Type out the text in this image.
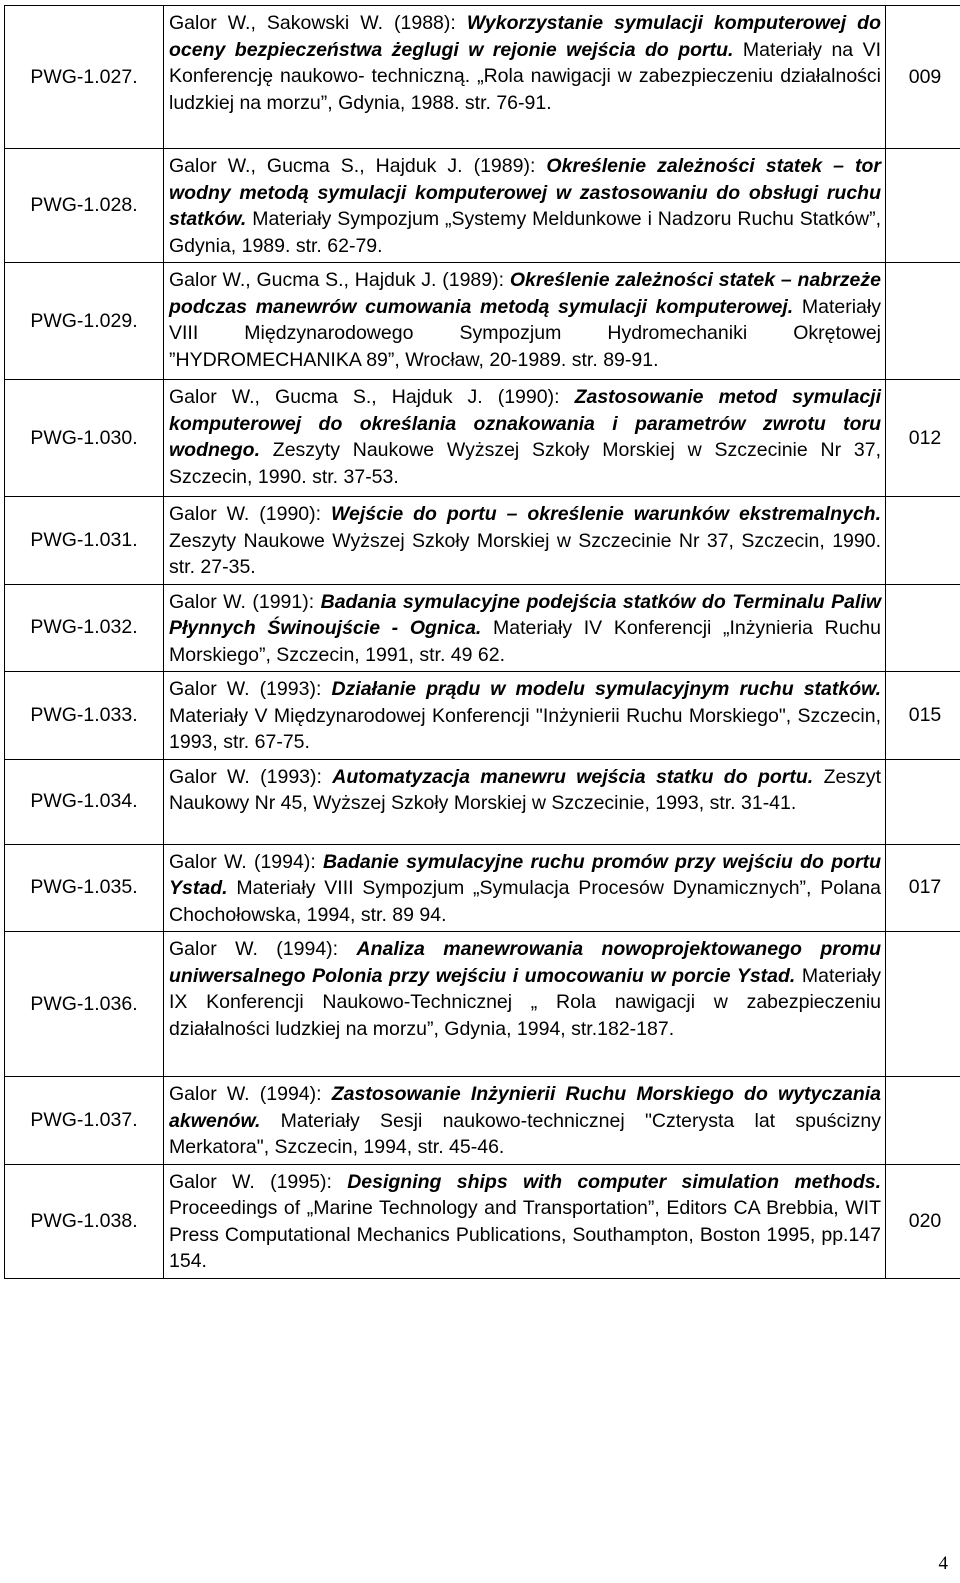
PWG-1.027.	Galor W., Sakowski W. (1988): Wykorzystanie symulacji komputerowej do oceny bezpieczeństwa żeglugi w rejonie wejścia do portu. Materiały na VI Konferencję naukowo- techniczną. „Rola nawigacji w zabezpieczeniu działalności ludzkiej na morzu”, Gdynia, 1988. str. 76-91.	009
PWG-1.028.	Galor W., Gucma S., Hajduk J. (1989): Określenie zależności statek – tor wodny metodą symulacji komputerowej w zastosowaniu do obsługi ruchu statków. Materiały Sympozjum „Systemy Meldunkowe i Nadzoru Ruchu Statków”, Gdynia, 1989. str. 62-79.	

PWG-1.029.	Galor W., Gucma S., Hajduk J. (1989): Określenie zależności statek – nabrzeże podczas manewrów cumowania metodą symulacji komputerowej. Materiały VIII Międzynarodowego Sympozjum Hydromechaniki Okrętowej ”HYDROMECHANIKA 89”, Wrocław, 20-1989. str. 89-91.	

PWG-1.030.	Galor W., Gucma S., Hajduk J. (1990): Zastosowanie metod symulacji komputerowej do określania oznakowania i parametrów zwrotu toru wodnego. Zeszyty Naukowe Wyższej Szkoły Morskiej w Szczecinie Nr 37, Szczecin, 1990. str. 37-53.	012
PWG-1.031.	Galor W. (1990): Wejście do portu – określenie warunków ekstremalnych. Zeszyty Naukowe Wyższej Szkoły Morskiej w Szczecinie Nr 37, Szczecin, 1990. str. 27-35.	

PWG-1.032.	Galor W. (1991): Badania symulacyjne podejścia statków do Terminalu Paliw Płynnych Świnoujście - Ognica. Materiały IV Konferencji „Inżynieria Ruchu Morskiego”, Szczecin, 1991, str. 49 62.	

PWG-1.033.	Galor W. (1993): Działanie prądu w modelu symulacyjnym ruchu statków. Materiały V Międzynarodowej Konferencji "Inżynierii Ruchu Morskiego", Szczecin, 1993, str. 67-75.	015
PWG-1.034.	Galor W. (1993): Automatyzacja manewru wejścia statku do portu. Zeszyt Naukowy Nr 45, Wyższej Szkoły Morskiej w Szczecinie, 1993, str. 31-41.	

PWG-1.035.	Galor W. (1994): Badanie symulacyjne ruchu promów przy wejściu do portu Ystad. Materiały VIII Sympozjum „Symulacja Procesów Dynamicznych”, Polana Chochołowska, 1994, str. 89 94.	017
PWG-1.036.	Galor W. (1994): Analiza manewrowania nowoprojektowanego promu uniwersalnego Polonia przy wejściu i umocowaniu w porcie Ystad. Materiały IX Konferencji Naukowo-Technicznej „ Rola nawigacji w zabezpieczeniu działalności ludzkiej na morzu”, Gdynia, 1994, str.182-187.	

PWG-1.037.	Galor W. (1994): Zastosowanie Inżynierii Ruchu Morskiego do wytyczania akwenów. Materiały Sesji naukowo-technicznej "Czterysta lat spuścizny Merkatora", Szczecin, 1994, str. 45-46.	

PWG-1.038.	Galor W. (1995): Designing ships with computer simulation methods. Proceedings of „Marine Technology and Transportation”, Editors CA Brebbia, WIT Press Computational Mechanics Publications, Southampton, Boston 1995, pp.147 154.	020
4
